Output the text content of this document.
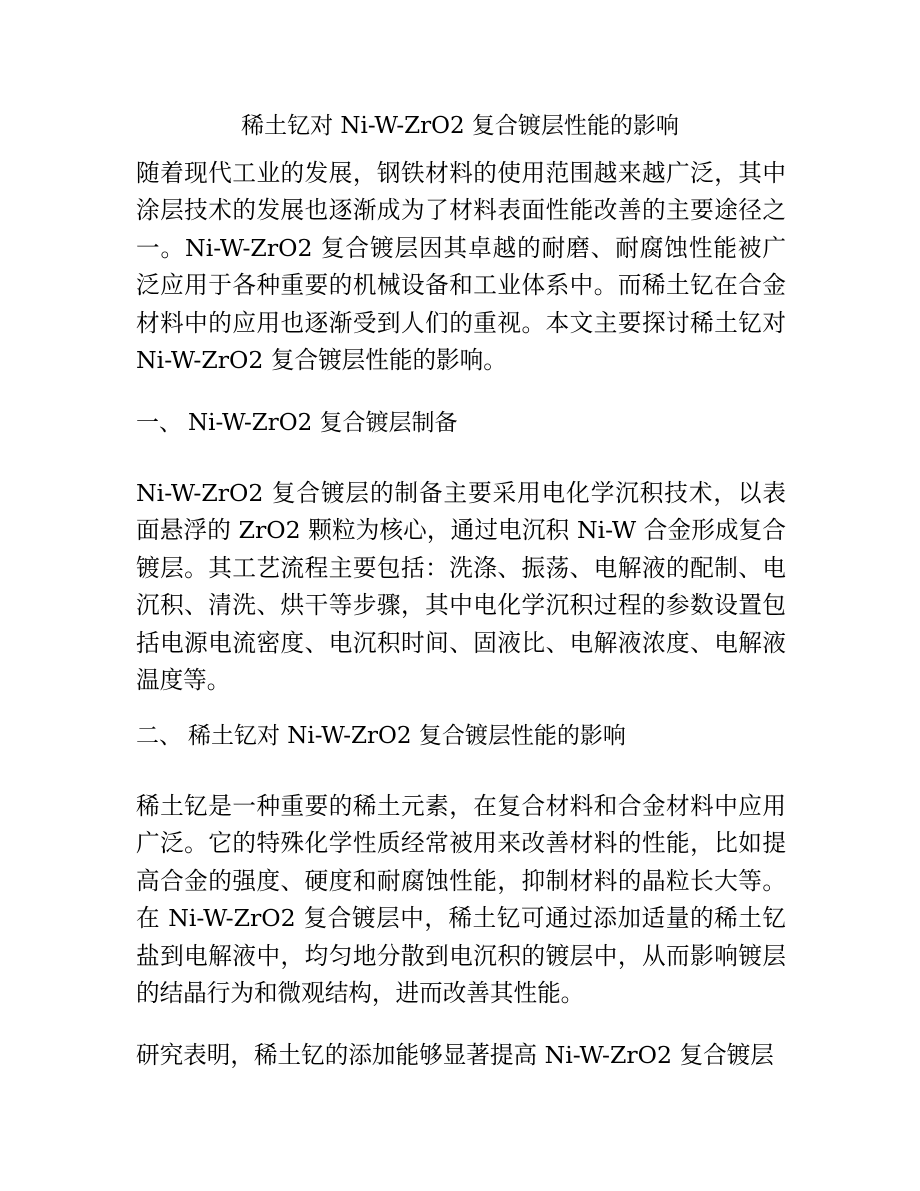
稀土钇对 Ni-W-ZrO2 复合镀层性能的影响
随着现代工业的发展，钢铁材料的使用范围越来越广泛，其中涂层技术的发展也逐渐成为了材料表面性能改善的主要途径之一。Ni-W-ZrO2 复合镀层因其卓越的耐磨、耐腐蚀性能被广泛应用于各种重要的机械设备和工业体系中。而稀土钇在合金材料中的应用也逐渐受到人们的重视。本文主要探讨稀土钇对 Ni-W-ZrO2 复合镀层性能的影响。
一、 Ni-W-ZrO2 复合镀层制备
Ni-W-ZrO2 复合镀层的制备主要采用电化学沉积技术，以表面悬浮的 ZrO2 颗粒为核心，通过电沉积 Ni-W 合金形成复合镀层。其工艺流程主要包括：洗涤、振荡、电解液的配制、电沉积、清洗、烘干等步骤，其中电化学沉积过程的参数设置包括电源电流密度、电沉积时间、固液比、电解液浓度、电解液温度等。
二、 稀土钇对 Ni-W-ZrO2 复合镀层性能的影响
稀土钇是一种重要的稀土元素，在复合材料和合金材料中应用广泛。它的特殊化学性质经常被用来改善材料的性能，比如提高合金的强度、硬度和耐腐蚀性能，抑制材料的晶粒长大等。在 Ni-W-ZrO2 复合镀层中，稀土钇可通过添加适量的稀土钇盐到电解液中，均匀地分散到电沉积的镀层中，从而影响镀层的结晶行为和微观结构，进而改善其性能。
研究表明，稀土钇的添加能够显著提高 Ni-W-ZrO2 复合镀层
